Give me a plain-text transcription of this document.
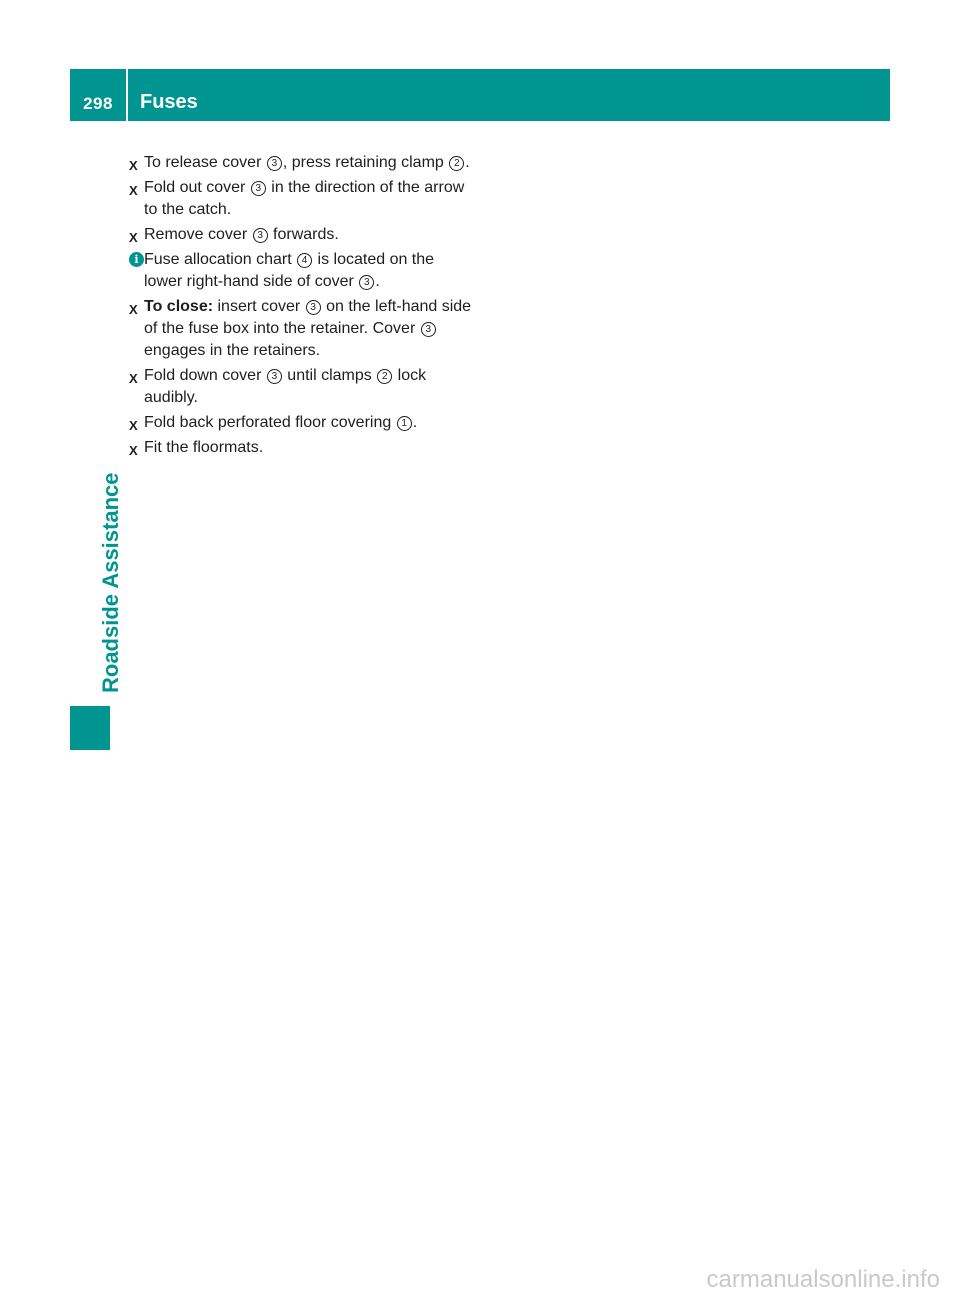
298	Fuses
Roadside Assistance
X To release cover 3 , press retaining clamp 2 .
X Fold out cover 3 in the direction of the arrow to the catch.
X Remove cover 3 forwards.
i Fuse allocation chart 4 is located on the lower right-hand side of cover 3 .
X To close: insert cover 3 on the left-hand side of the fuse box into the retainer. Cover 3 engages in the retainers.
X Fold down cover 3 until clamps 2 lock audibly.
X Fold back perforated floor covering 1 .
X Fit the floormats.
carmanualsonline.info
